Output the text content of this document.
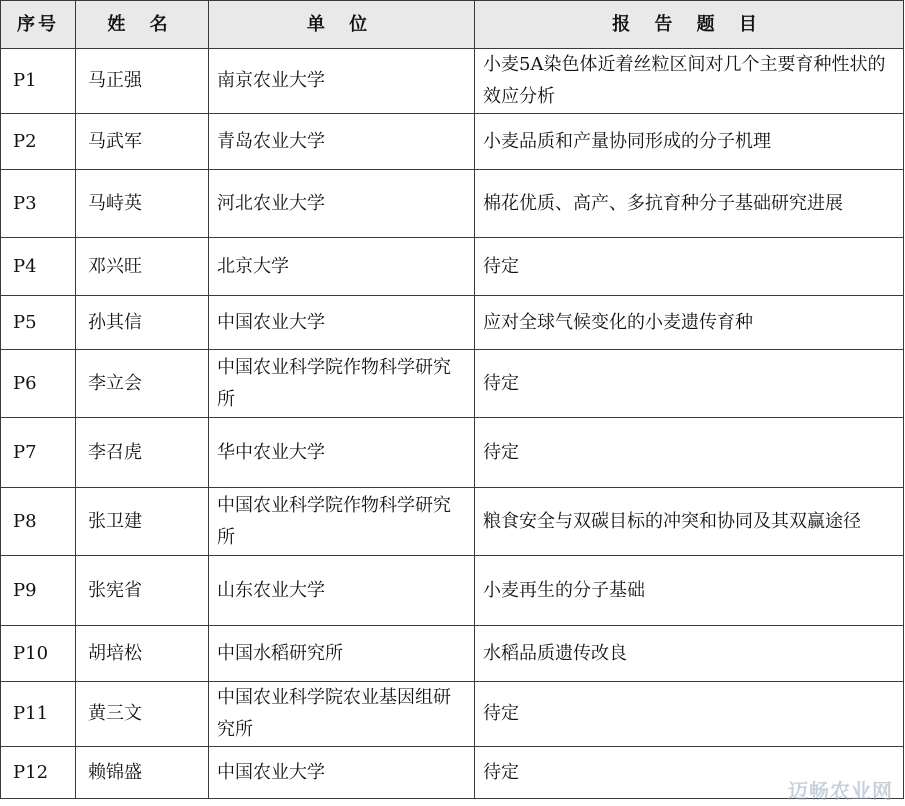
序号	姓 名	单 位	报 告 题 目
P1	马正强	南京农业大学	小麦5A染色体近着丝粒区间对几个主要育种性状的效应分析
P2	马武军	青岛农业大学	小麦品质和产量协同形成的分子机理
P3	马峙英	河北农业大学	棉花优质、高产、多抗育种分子基础研究进展
P4	邓兴旺	北京大学	待定
P5	孙其信	中国农业大学	应对全球气候变化的小麦遗传育种
P6	李立会	中国农业科学院作物科学研究所	待定
P7	李召虎	华中农业大学	待定
P8	张卫建	中国农业科学院作物科学研究所	粮食安全与双碳目标的冲突和协同及其双赢途径
P9	张宪省	山东农业大学	小麦再生的分子基础
P10	胡培松	中国水稻研究所	水稻品质遗传改良
P11	黄三文	中国农业科学院农业基因组研究所	待定
P12	赖锦盛	中国农业大学	待定
迈畅农业网
